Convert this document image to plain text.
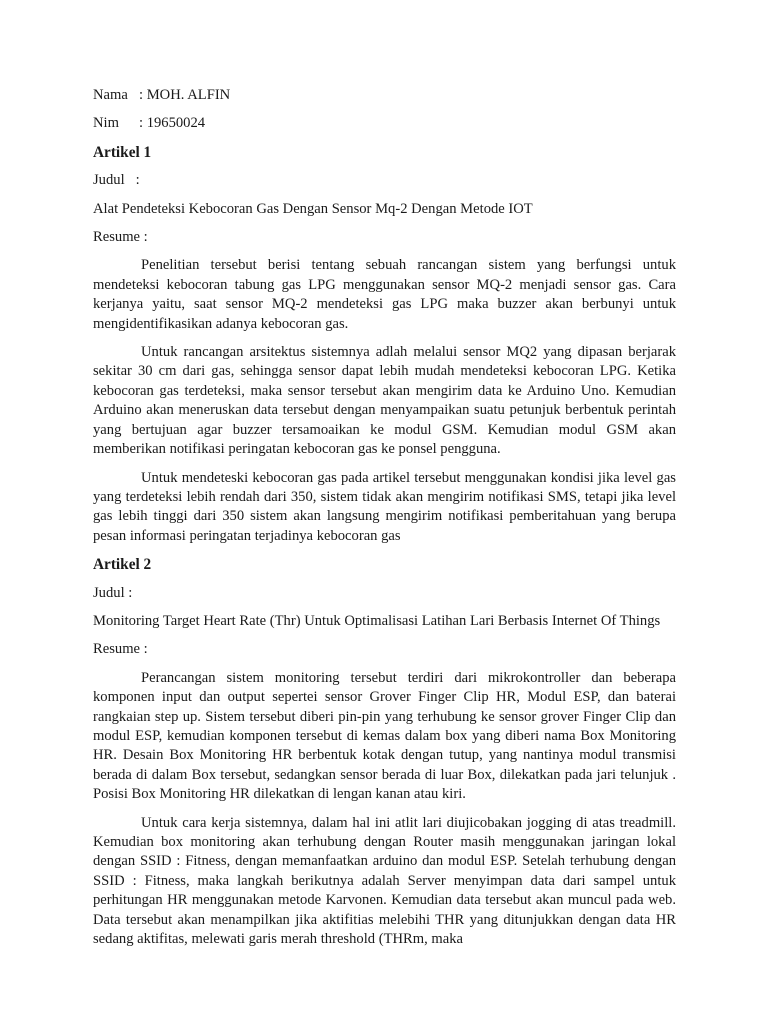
Nama : MOH. ALFIN
Nim	: 19650024
Artikel 1
Judul   :
Alat Pendeteksi Kebocoran Gas Dengan Sensor Mq-2 Dengan Metode IOT
Resume :

Penelitian tersebut berisi tentang sebuah rancangan sistem yang berfungsi untuk mendeteksi kebocoran tabung gas LPG menggunakan sensor MQ-2 menjadi sensor gas. Cara kerjanya yaitu, saat sensor MQ-2 mendeteksi gas LPG maka buzzer akan berbunyi untuk mengidentifikasikan adanya kebocoran gas.

Untuk rancangan arsitektus sistemnya adlah melalui sensor MQ2 yang dipasan berjarak sekitar 30 cm dari gas, sehingga sensor dapat lebih mudah mendeteksi kebocoran LPG. Ketika kebocoran gas terdeteksi, maka sensor tersebut akan mengirim data ke Arduino Uno. Kemudian Arduino akan meneruskan data tersebut dengan menyampaikan suatu petunjuk berbentuk perintah yang bertujuan agar buzzer tersamoaikan ke modul GSM. Kemudian modul GSM akan memberikan notifikasi peringatan kebocoran gas ke ponsel pengguna.

Untuk mendeteski kebocoran gas pada artikel tersebut menggunakan kondisi jika level gas yang terdeteksi lebih rendah dari 350, sistem tidak akan mengirim notifikasi SMS, tetapi jika level gas lebih tinggi dari 350 sistem akan langsung mengirim notifikasi pemberitahuan yang berupa pesan informasi peringatan terjadinya kebocoran gas

Artikel 2
Judul :

Monitoring Target Heart Rate (Thr) Untuk Optimalisasi Latihan Lari Berbasis Internet Of Things

Resume :

Perancangan sistem monitoring tersebut terdiri dari mikrokontroller dan beberapa komponen input dan output sepertei sensor Grover Finger Clip HR, Modul ESP, dan baterai rangkaian step up. Sistem tersebut diberi pin-pin yang terhubung ke sensor grover Finger Clip dan modul ESP, kemudian komponen tersebut di kemas dalam box yang diberi nama Box Monitoring HR. Desain Box Monitoring HR berbentuk kotak dengan tutup, yang nantinya modul transmisi berada di dalam Box tersebut, sedangkan sensor berada di luar Box, dilekatkan pada jari telunjuk . Posisi Box Monitoring HR dilekatkan di lengan kanan atau kiri.

Untuk cara kerja sistemnya, dalam hal ini atlit lari diujicobakan jogging di atas treadmill. Kemudian box monitoring akan terhubung dengan Router masih menggunakan jaringan lokal dengan SSID : Fitness, dengan memanfaatkan arduino dan modul ESP. Setelah terhubung dengan SSID : Fitness, maka langkah berikutnya adalah Server menyimpan data dari sampel untuk perhitungan HR menggunakan metode Karvonen. Kemudian data tersebut akan muncul pada web. Data tersebut akan menampilkan jika aktifitias melebihi THR yang ditunjukkan dengan data HR sedang aktifitas, melewati garis merah threshold (THRm, maka
